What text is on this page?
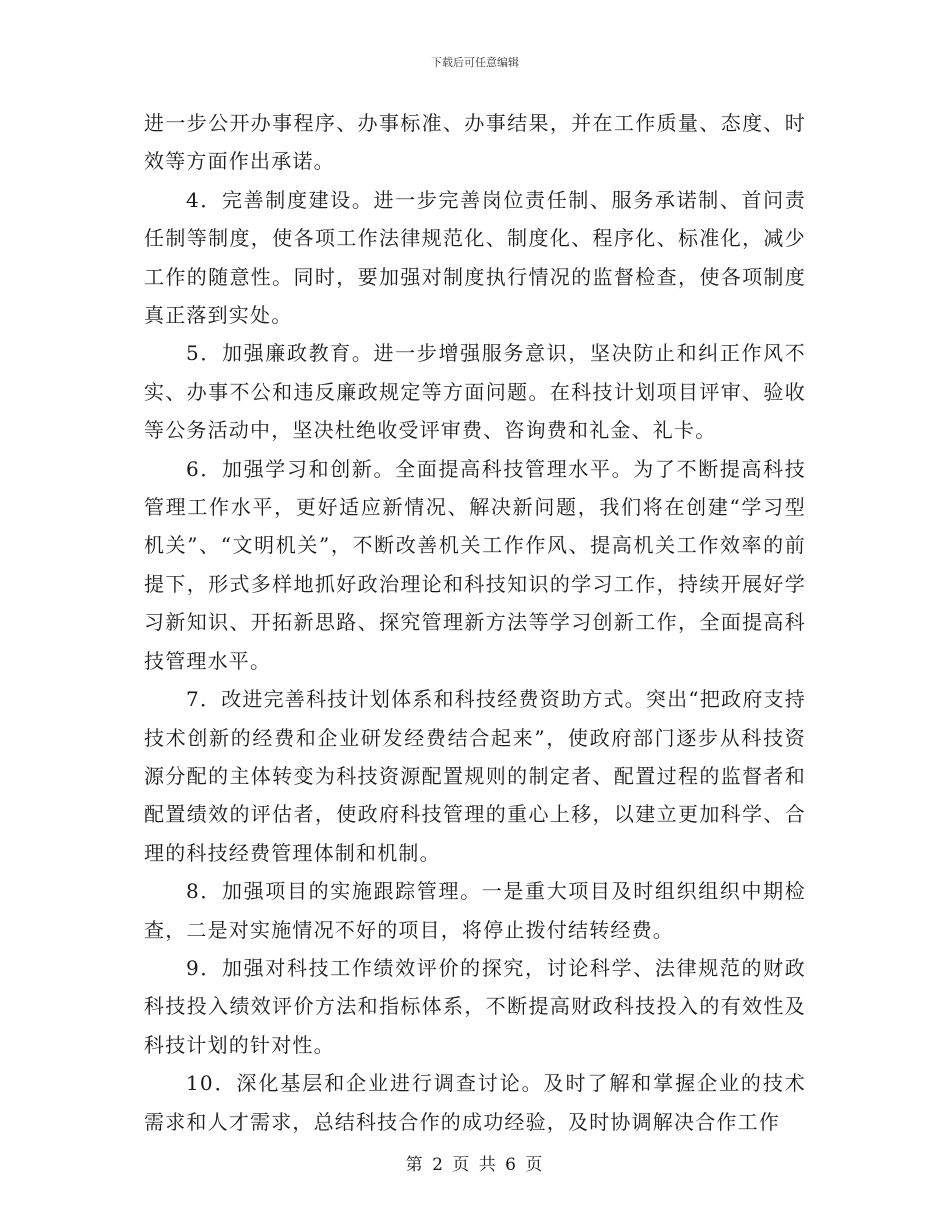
下载后可任意编辑

进一步公开办事程序、办事标准、办事结果，并在工作质量、态度、时效等方面作出承诺。

4．完善制度建设。进一步完善岗位责任制、服务承诺制、首问责任制等制度，使各项工作法律规范化、制度化、程序化、标准化，减少工作的随意性。同时，要加强对制度执行情况的监督检查，使各项制度真正落到实处。

5．加强廉政教育。进一步增强服务意识，坚决防止和纠正作风不实、办事不公和违反廉政规定等方面问题。在科技计划项目评审、验收等公务活动中，坚决杜绝收受评审费、咨询费和礼金、礼卡。

6．加强学习和创新。全面提高科技管理水平。为了不断提高科技管理工作水平，更好适应新情况、解决新问题，我们将在创建“学习型机关”、“文明机关”，不断改善机关工作作风、提高机关工作效率的前提下，形式多样地抓好政治理论和科技知识的学习工作，持续开展好学习新知识、开拓新思路、探究管理新方法等学习创新工作，全面提高科技管理水平。

7．改进完善科技计划体系和科技经费资助方式。突出“把政府支持技术创新的经费和企业研发经费结合起来”，使政府部门逐步从科技资源分配的主体转变为科技资源配置规则的制定者、配置过程的监督者和配置绩效的评估者，使政府科技管理的重心上移，以建立更加科学、合理的科技经费管理体制和机制。

8．加强项目的实施跟踪管理。一是重大项目及时组织组织中期检查，二是对实施情况不好的项目，将停止拨付结转经费。

9．加强对科技工作绩效评价的探究，讨论科学、法律规范的财政科技投入绩效评价方法和指标体系，不断提高财政科技投入的有效性及科技计划的针对性。

10．深化基层和企业进行调查讨论。及时了解和掌握企业的技术需求和人才需求，总结科技合作的成功经验，及时协调解决合作工作

第 2 页 共 6 页
